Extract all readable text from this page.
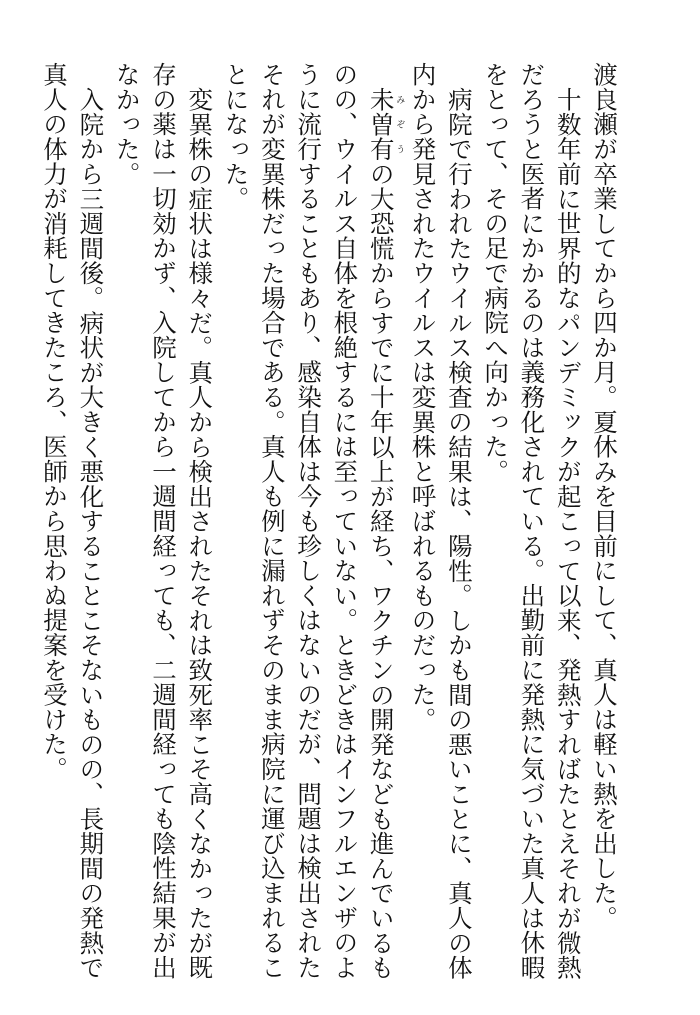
渡良瀬が卒業してから四か月。夏休みを目前にして、真人は軽い熱を出した。

十数年前に世界的なパンデミックが起こって以来、発熱すればたとえそれが微熱だろうと医者にかかるのは義務化されている。出勤前に発熱に気づいた真人は休暇をとって、その足で病院へ向かった。

病院で行われたウイルス検査の結果は、陽性。しかも間の悪いことに、真人の体内から発見されたウイルスは変異株と呼ばれるものだった。

未曽有みぞうの大恐慌からすでに十年以上が経ち、ワクチンの開発なども進んでいるものの、ウイルス自体を根絶するには至っていない。ときどきはインフルエンザのように流行することもあり、感染自体は今も珍しくはないのだが、問題は検出されたそれが変異株だった場合である。真人も例に漏れずそのまま病院に運び込まれることになった。

変異株の症状は様々だ。真人から検出されたそれは致死率こそ高くなかったが既存の薬は一切効かず、入院してから一週間経っても、二週間経っても陰性結果が出なかった。

入院から三週間後。病状が大きく悪化することこそないものの、長期間の発熱で真人の体力が消耗してきたころ、医師から思わぬ提案を受けた。
